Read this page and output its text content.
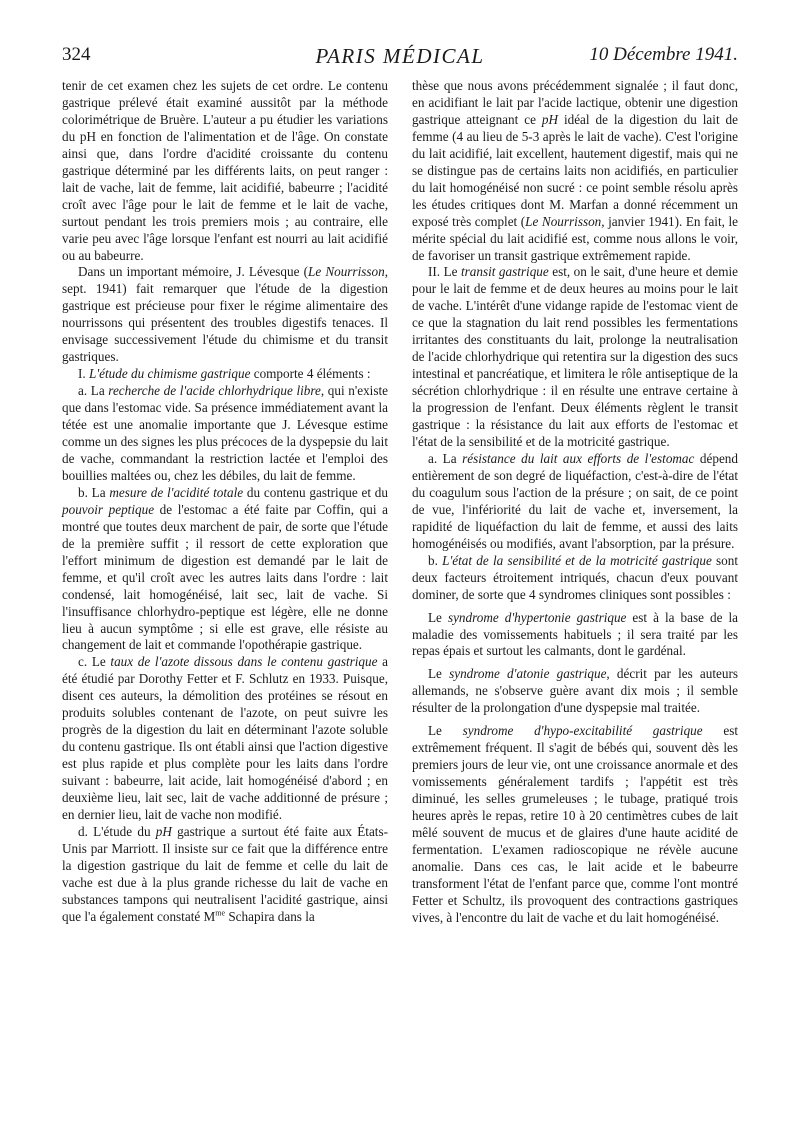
324	PARIS MÉDICAL	10 Décembre 1941.

tenir de cet examen chez les sujets de cet ordre. Le contenu gastrique prélevé était examiné aussitôt par la méthode colorimétrique de Bruère. L'auteur a pu étudier les variations du pH en fonction de l'alimentation et de l'âge. On constate ainsi que, dans l'ordre d'acidité croissante du contenu gastrique déterminé par les différents laits, on peut ranger : lait de vache, lait de femme, lait acidifié, babeurre ; l'acidité croît avec l'âge pour le lait de femme et le lait de vache, surtout pendant les trois premiers mois ; au contraire, elle varie peu avec l'âge lorsque l'enfant est nourri au lait acidifié ou au babeurre.

Dans un important mémoire, J. Lévesque (Le Nourrisson, sept. 1941) fait remarquer que l'étude de la digestion gastrique est précieuse pour fixer le régime alimentaire des nourrissons qui présentent des troubles digestifs tenaces. Il envisage successivement l'étude du chimisme et du transit gastriques.

I. L'étude du chimisme gastrique comporte 4 éléments :

a. La recherche de l'acide chlorhydrique libre, qui n'existe que dans l'estomac vide. Sa présence immédiatement avant la tétée est une anomalie importante que J. Lévesque estime comme un des signes les plus précoces de la dyspepsie du lait de vache, commandant la restriction lactée et l'emploi des bouillies maltées ou, chez les débiles, du lait de femme.

b. La mesure de l'acidité totale du contenu gastrique et du pouvoir peptique de l'estomac a été faite par Coffin, qui a montré que toutes deux marchent de pair, de sorte que l'étude de la première suffit ; il ressort de cette exploration que l'effort minimum de digestion est demandé par le lait de femme, et qu'il croît avec les autres laits dans l'ordre : lait condensé, lait homogénéisé, lait sec, lait de vache. Si l'insuffisance chlorhydro-peptique est légère, elle ne donne lieu à aucun symptôme ; si elle est grave, elle résiste au changement de lait et commande l'opothérapie gastrique.

c. Le taux de l'azote dissous dans le contenu gastrique a été étudié par Dorothy Fetter et F. Schlutz en 1933. Puisque, disent ces auteurs, la démolition des protéines se résout en produits solubles contenant de l'azote, on peut suivre les progrès de la digestion du lait en déterminant l'azote soluble du contenu gastrique. Ils ont établi ainsi que l'action digestive est plus rapide et plus complète pour les laits dans l'ordre suivant : babeurre, lait acide, lait homogénéisé d'abord ; en deuxième lieu, lait sec, lait de vache additionné de présure ; en dernier lieu, lait de vache non modifié.

d. L'étude du pH gastrique a surtout été faite aux États-Unis par Marriott. Il insiste sur ce fait que la différence entre la digestion gastrique du lait de femme et celle du lait de vache est due à la plus grande richesse du lait de vache en substances tampons qui neutralisent l'acidité gastrique, ainsi que l'a également constaté $M^{me}$ Schapira dans la

thèse que nous avons précédemment signalée ; il faut donc, en acidifiant le lait par l'acide lactique, obtenir une digestion gastrique atteignant ce pH idéal de la digestion du lait de femme (4 au lieu de 5-3 après le lait de vache). C'est l'origine du lait acidifié, lait excellent, hautement digestif, mais qui ne se distingue pas de certains laits non acidifiés, en particulier du lait homogénéisé non sucré : ce point semble résolu après les études critiques dont M. Marfan a donné récemment un exposé très complet (Le Nourrisson, janvier 1941). En fait, le mérite spécial du lait acidifié est, comme nous allons le voir, de favoriser un transit gastrique extrêmement rapide.

II. Le transit gastrique est, on le sait, d'une heure et demie pour le lait de femme et de deux heures au moins pour le lait de vache. L'intérêt d'une vidange rapide de l'estomac vient de ce que la stagnation du lait rend possibles les fermentations irritantes des constituants du lait, prolonge la neutralisation de l'acide chlorhydrique qui retentira sur la digestion des sucs intestinal et pancréatique, et limitera le rôle antiseptique de la sécrétion chlorhydrique : il en résulte une entrave certaine à la progression de l'enfant. Deux éléments règlent le transit gastrique : la résistance du lait aux efforts de l'estomac et l'état de la sensibilité et de la motricité gastrique.

a. La résistance du lait aux efforts de l'estomac dépend entièrement de son degré de liquéfaction, c'est-à-dire de l'état du coagulum sous l'action de la présure ; on sait, de ce point de vue, l'infériorité du lait de vache et, inversement, la rapidité de liquéfaction du lait de femme, et aussi des laits homogénéisés ou modifiés, avant l'absorption, par la présure.

b. L'état de la sensibilité et de la motricité gastrique sont deux facteurs étroitement intriqués, chacun d'eux pouvant dominer, de sorte que 4 syndromes cliniques sont possibles :

Le syndrome d'hypertonie gastrique est à la base de la maladie des vomissements habituels ; il sera traité par les repas épais et surtout les calmants, dont le gardénal.

Le syndrome d'atonie gastrique, décrit par les auteurs allemands, ne s'observe guère avant dix mois ; il semble résulter de la prolongation d'une dyspepsie mal traitée.

Le syndrome d'hypo-excitabilité gastrique est extrêmement fréquent. Il s'agit de bébés qui, souvent dès les premiers jours de leur vie, ont une croissance anormale et des vomissements généralement tardifs ; l'appétit est très diminué, les selles grumeleuses ; le tubage, pratiqué trois heures après le repas, retire 10 à 20 centimètres cubes de lait mêlé souvent de mucus et de glaires d'une haute acidité de fermentation. L'examen radioscopique ne révèle aucune anomalie. Dans ces cas, le lait acide et le babeurre transforment l'état de l'enfant parce que, comme l'ont montré Fetter et Schultz, ils provoquent des contractions gastriques vives, à l'encontre du lait de vache et du lait homogénéisé.
